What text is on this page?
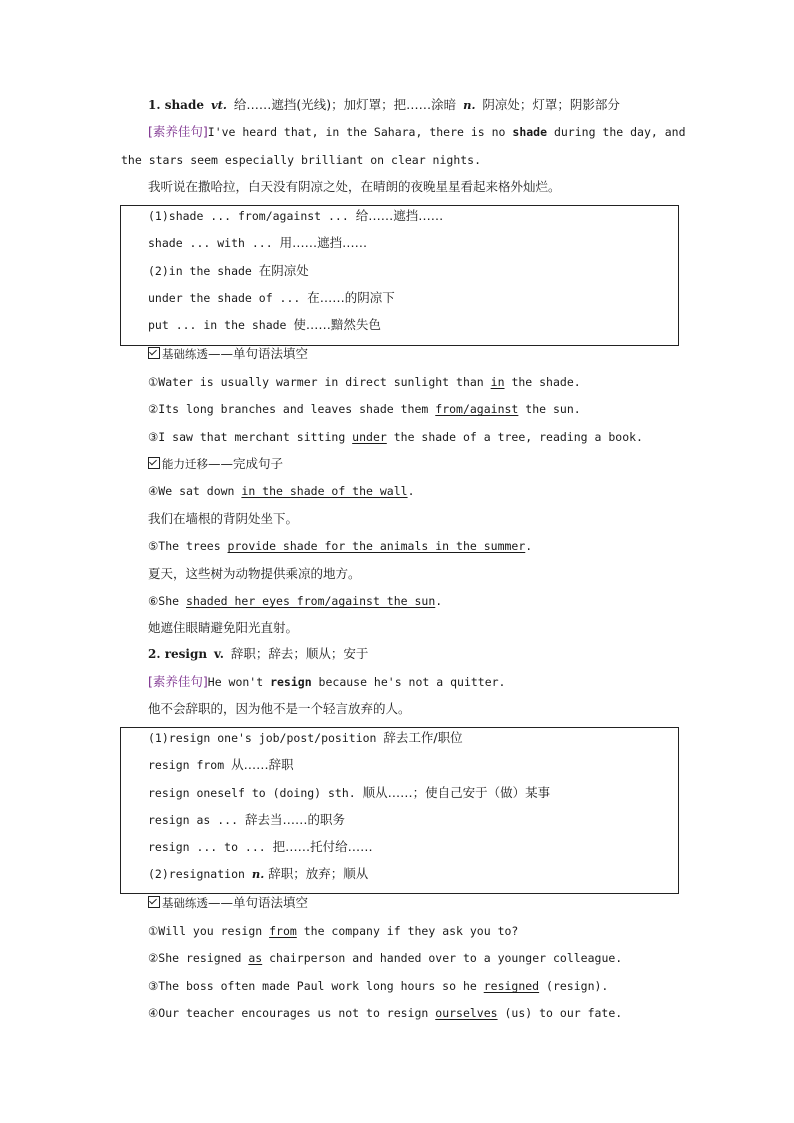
1. shade vt. 给……遮挡(光线)；加灯罩；把……涂暗 n. 阴凉处；灯罩；阴影部分
[素养佳句]I've heard that, in the Sahara, there is no shade during the day, and
the stars seem especially brilliant on clear nights.
我听说在撒哈拉，白天没有阴凉之处，在晴朗的夜晚星星看起来格外灿烂。
(1)shade ... from/against ... 给……遮挡……
shade ... with ... 用……遮挡……
(2)in the shade 在阴凉处
under the shade of ... 在……的阴凉下
put ... in the shade 使……黯然失色
基础练透——单句语法填空
①Water is usually warmer in direct sunlight than in the shade.
②Its long branches and leaves shade them from/against the sun.
③I saw that merchant sitting under the shade of a tree, reading a book.
能力迁移——完成句子
④We sat down in the shade of the wall.
我们在墙根的背阴处坐下。
⑤The trees provide shade for the animals in the summer.
夏天，这些树为动物提供乘凉的地方。
⑥She shaded her eyes from/against the sun.
她遮住眼睛避免阳光直射。
2. resign v. 辞职；辞去；顺从；安于
[素养佳句]He won't resign because he's not a quitter.
他不会辞职的，因为他不是一个轻言放弃的人。
(1)resign one's job/post/position 辞去工作/职位
resign from 从……辞职
resign oneself to (doing) sth. 顺从……；使自己安于（做）某事
resign as ... 辞去当……的职务
resign ... to ... 把……托付给……
(2)resignation n. 辞职；放弃；顺从
基础练透——单句语法填空
①Will you resign from the company if they ask you to?
②She resigned as chairperson and handed over to a younger colleague.
③The boss often made Paul work long hours so he resigned (resign).
④Our teacher encourages us not to resign ourselves (us) to our fate.
